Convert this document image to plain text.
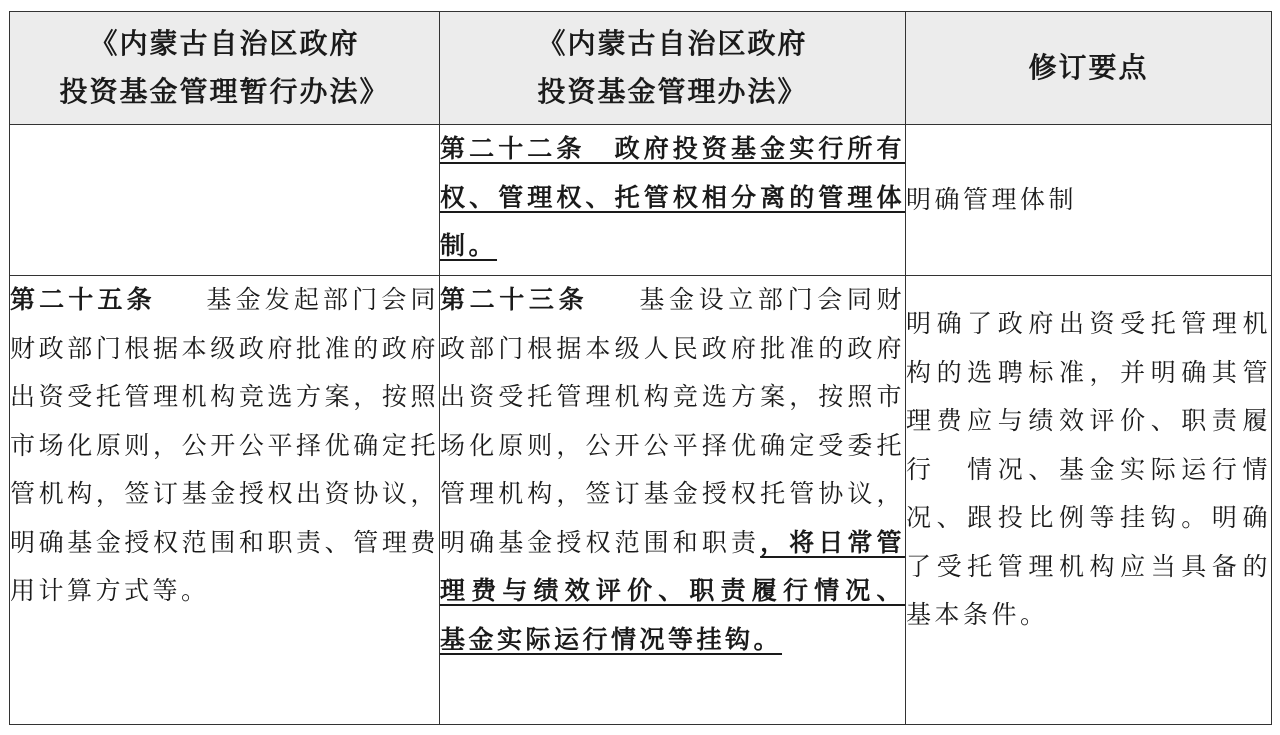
《内蒙古自治区政府
投资基金管理暂行办法》	《内蒙古自治区政府
投资基金管理办法》	修订要点

	第二十二条　政府投资基金实行所有权、管理权、托管权相分离的管理体制。	明确管理体制
第二十五条 基金发起部门会同财政部门根据本级政府批准的政府出资受托管理机构竞选方案，按照市场化原则，公开公平择优确定托管机构，签订基金授权出资协议，明确基金授权范围和职责、管理费用计算方式等。	第二十三条 基金设立部门会同财政部门根据本级人民政府批准的政府出资受托管理机构竞选方案，按照市场化原则，公开公平择优确定受委托管理机构，签订基金授权托管协议，明确基金授权范围和职责，将日常管理费与绩效评价、职责履行情况、 基金实际运行情况等挂钩。	明确了政府出资受托管理机构的选聘标准，并明确其管理费应与绩效评价、职责履行　情况、基金实际运行情况、跟投比例等挂钩。明确了受托管理机构应当具备的基本条件。
